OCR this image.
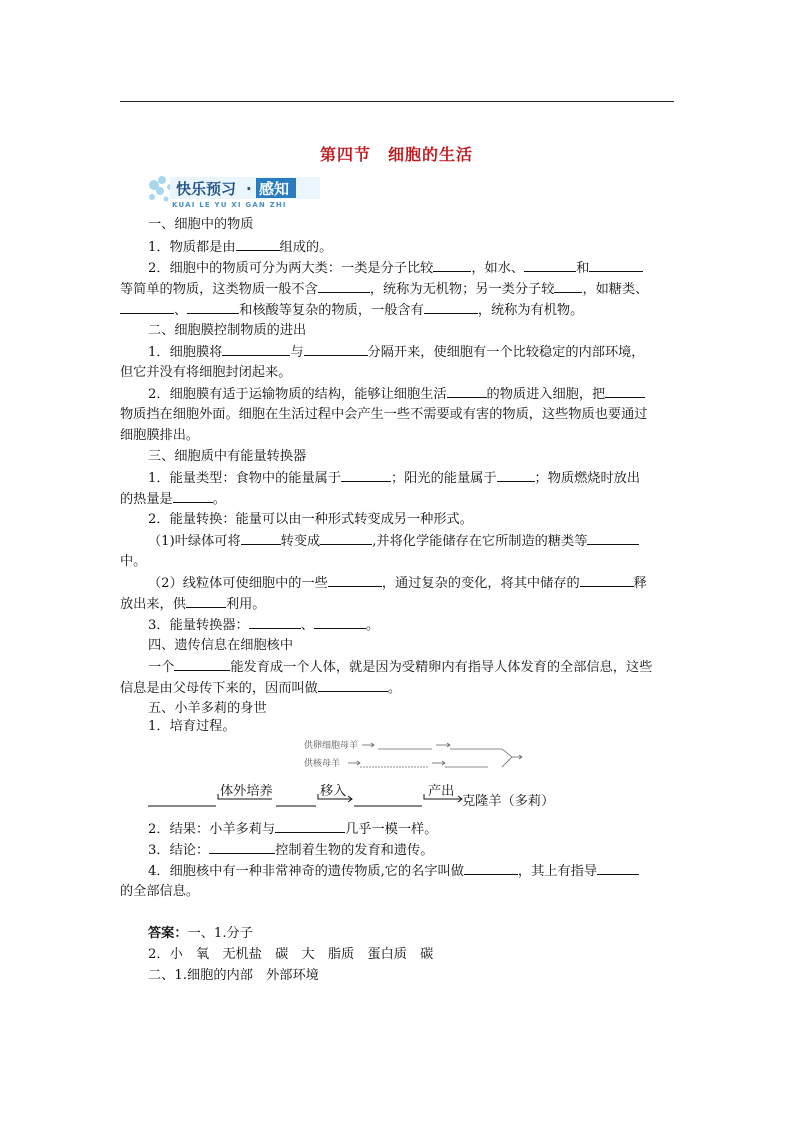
第四节　细胞的生活
快乐预习 · 感知
KUAI LE YU XI GAN ZHI
一、细胞中的物质
1．物质都是由	组成的。
2．细胞中的物质可分为两大类：一类是分子比较	，如水、	和
等简单的物质，这类物质一般不含	，统称为无机物；另一类分子较 ，如糖类、
、	和核酸等复杂的物质，一般含有	，统称为有机物。
二、细胞膜控制物质的进出
1．细胞膜将	与	分隔开来，使细胞有一个比较稳定的内部环境，
但它并没有将细胞封闭起来。
2．细胞膜有适于运输物质的结构，能够让细胞生活	的物质进入细胞，把
物质挡在细胞外面。细胞在生活过程中会产生一些不需要或有害的物质，这些物质也要通过
细胞膜排出。
三、细胞质中有能量转换器
1．能量类型：食物中的能量属于	；阳光的能量属于	；物质燃烧时放出
的热量是	。
2．能量转换：能量可以由一种形式转变成另一种形式。
（1)叶绿体可将	转变成	,并将化学能储存在它所制造的糖类等
中。
（2）线粒体可使细胞中的一些	，通过复杂的变化，将其中储存的	释
放出来，供	利用。
3．能量转换器：	、	。
四、遗传信息在细胞核中
一个	能发育成一个人体，就是因为受精卵内有指导人体发育的全部信息，这些
信息是由父母传下来的，因而叫做	。
五、小羊多莉的身世
1．培育过程。
供卵细胞母羊
供核母羊
体外培养	移入	产出
克隆羊（多莉）
2．结果：小羊多莉与	几乎一模一样。
3．结论：	控制着生物的发育和遗传。
4．细胞核中有一种非常神奇的遗传物质,它的名字叫做	，其上有指导
的全部信息。
答案：一、1.分子
2．小　氧　无机盐　碳　大　脂质　蛋白质　碳
二、1.细胞的内部　外部环境
